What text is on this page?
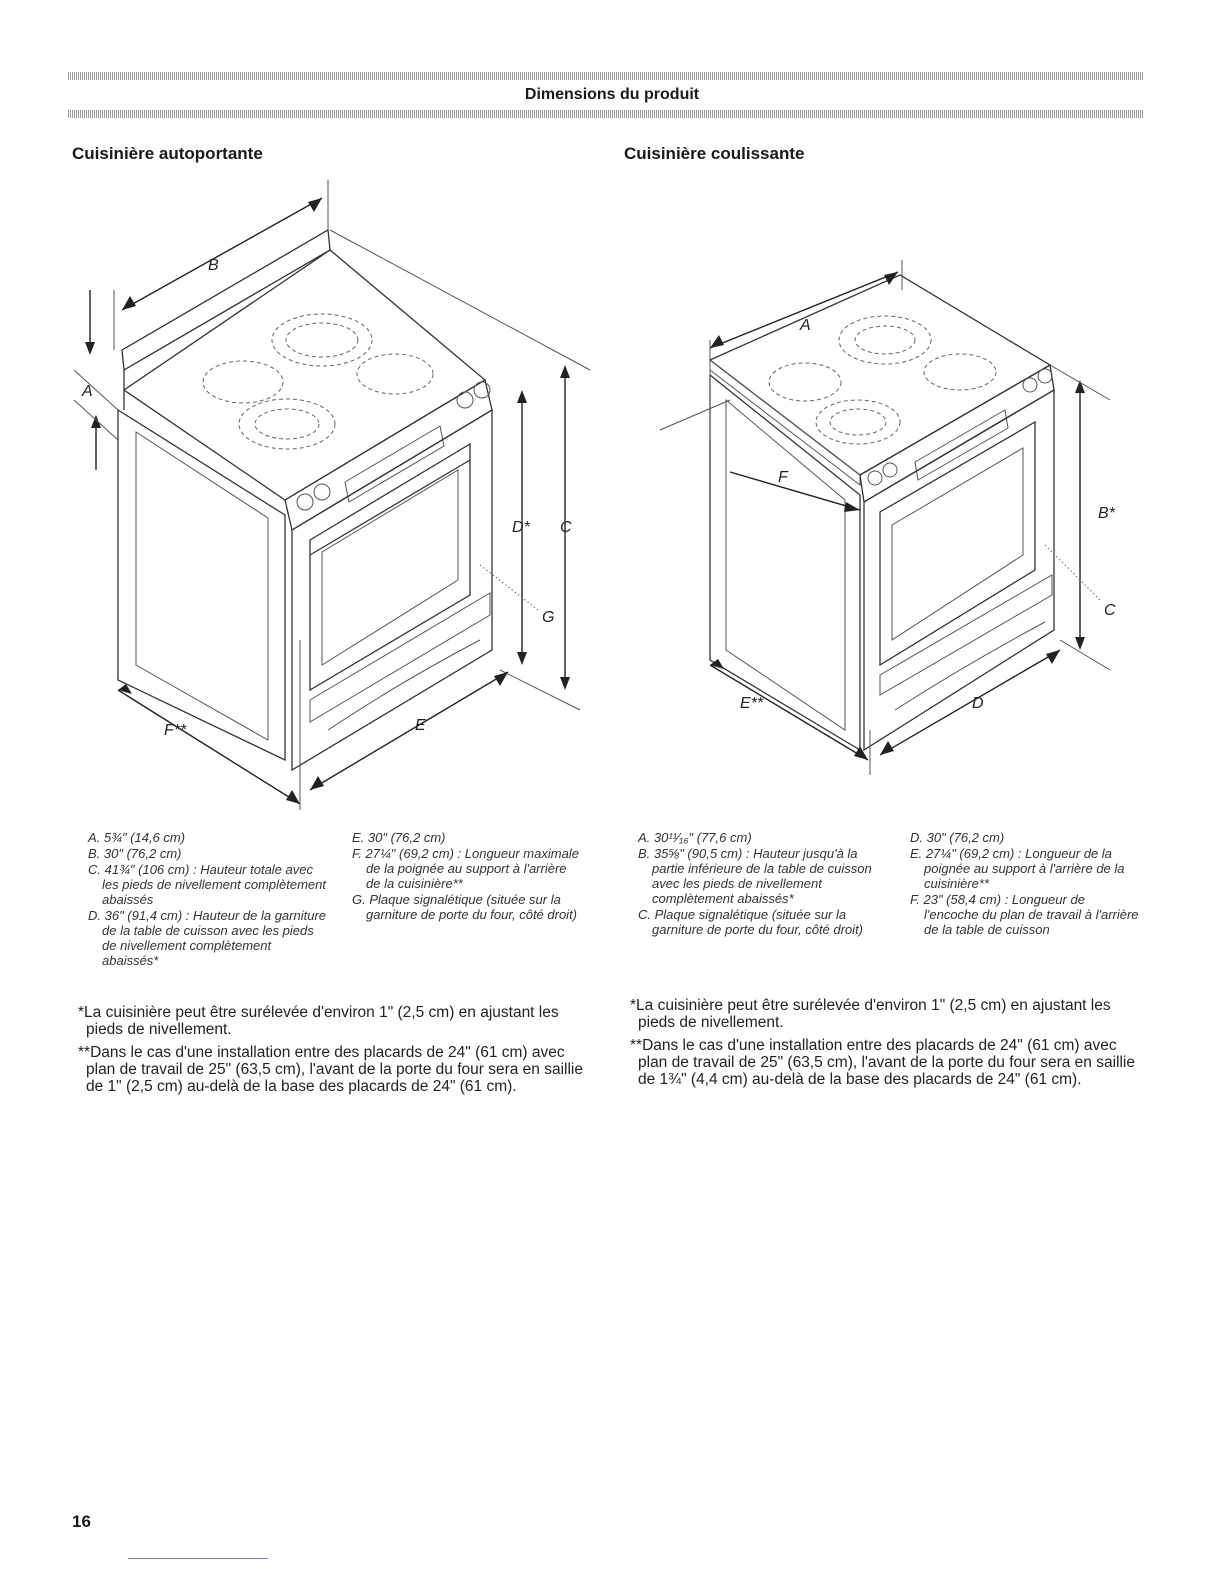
Dimensions du produit
Cuisinière autoportante	Cuisinière coulissante
B
A
D* C
G
E
F**
A
B*
C
D
E**
F
A. 5¾" (14,6 cm)
B. 30" (76,2 cm)
C. 41¾" (106 cm) : Hauteur totale avec les pieds de nivellement complètement abaissés
D. 36" (91,4 cm) : Hauteur de la garniture de la table de cuisson avec les pieds de nivellement complètement abaissés*
E. 30" (76,2 cm)
F. 27¼" (69,2 cm) : Longueur maximale de la poignée au support à l'arrière de la cuisinière**
G. Plaque signalétique (située sur la garniture de porte du four, côté droit)
A. 30¹¹⁄₁₆" (77,6 cm)
B. 35⅝" (90,5 cm) : Hauteur jusqu'à la partie inférieure de la table de cuisson avec les pieds de nivellement complètement abaissés*
C. Plaque signalétique (située sur la garniture de porte du four, côté droit)
D. 30" (76,2 cm)
E. 27¼" (69,2 cm) : Longueur de la poignée au support à l'arrière de la cuisinière**
F. 23" (58,4 cm) : Longueur de l'encoche du plan de travail à l'arrière de la table de cuisson
*La cuisinière peut être surélevée d'environ 1" (2,5 cm) en ajustant les pieds de nivellement.
**Dans le cas d'une installation entre des placards de 24" (61 cm) avec plan de travail de 25" (63,5 cm), l'avant de la porte du four sera en saillie de 1" (2,5 cm) au-delà de la base des placards de 24" (61 cm).
*La cuisinière peut être surélevée d'environ 1" (2,5 cm) en ajustant les pieds de nivellement.
**Dans le cas d'une installation entre des placards de 24" (61 cm) avec plan de travail de 25" (63,5 cm), l'avant de la porte du four sera en saillie de 1¾" (4,4 cm) au-delà de la base des placards de 24" (61 cm).

16
